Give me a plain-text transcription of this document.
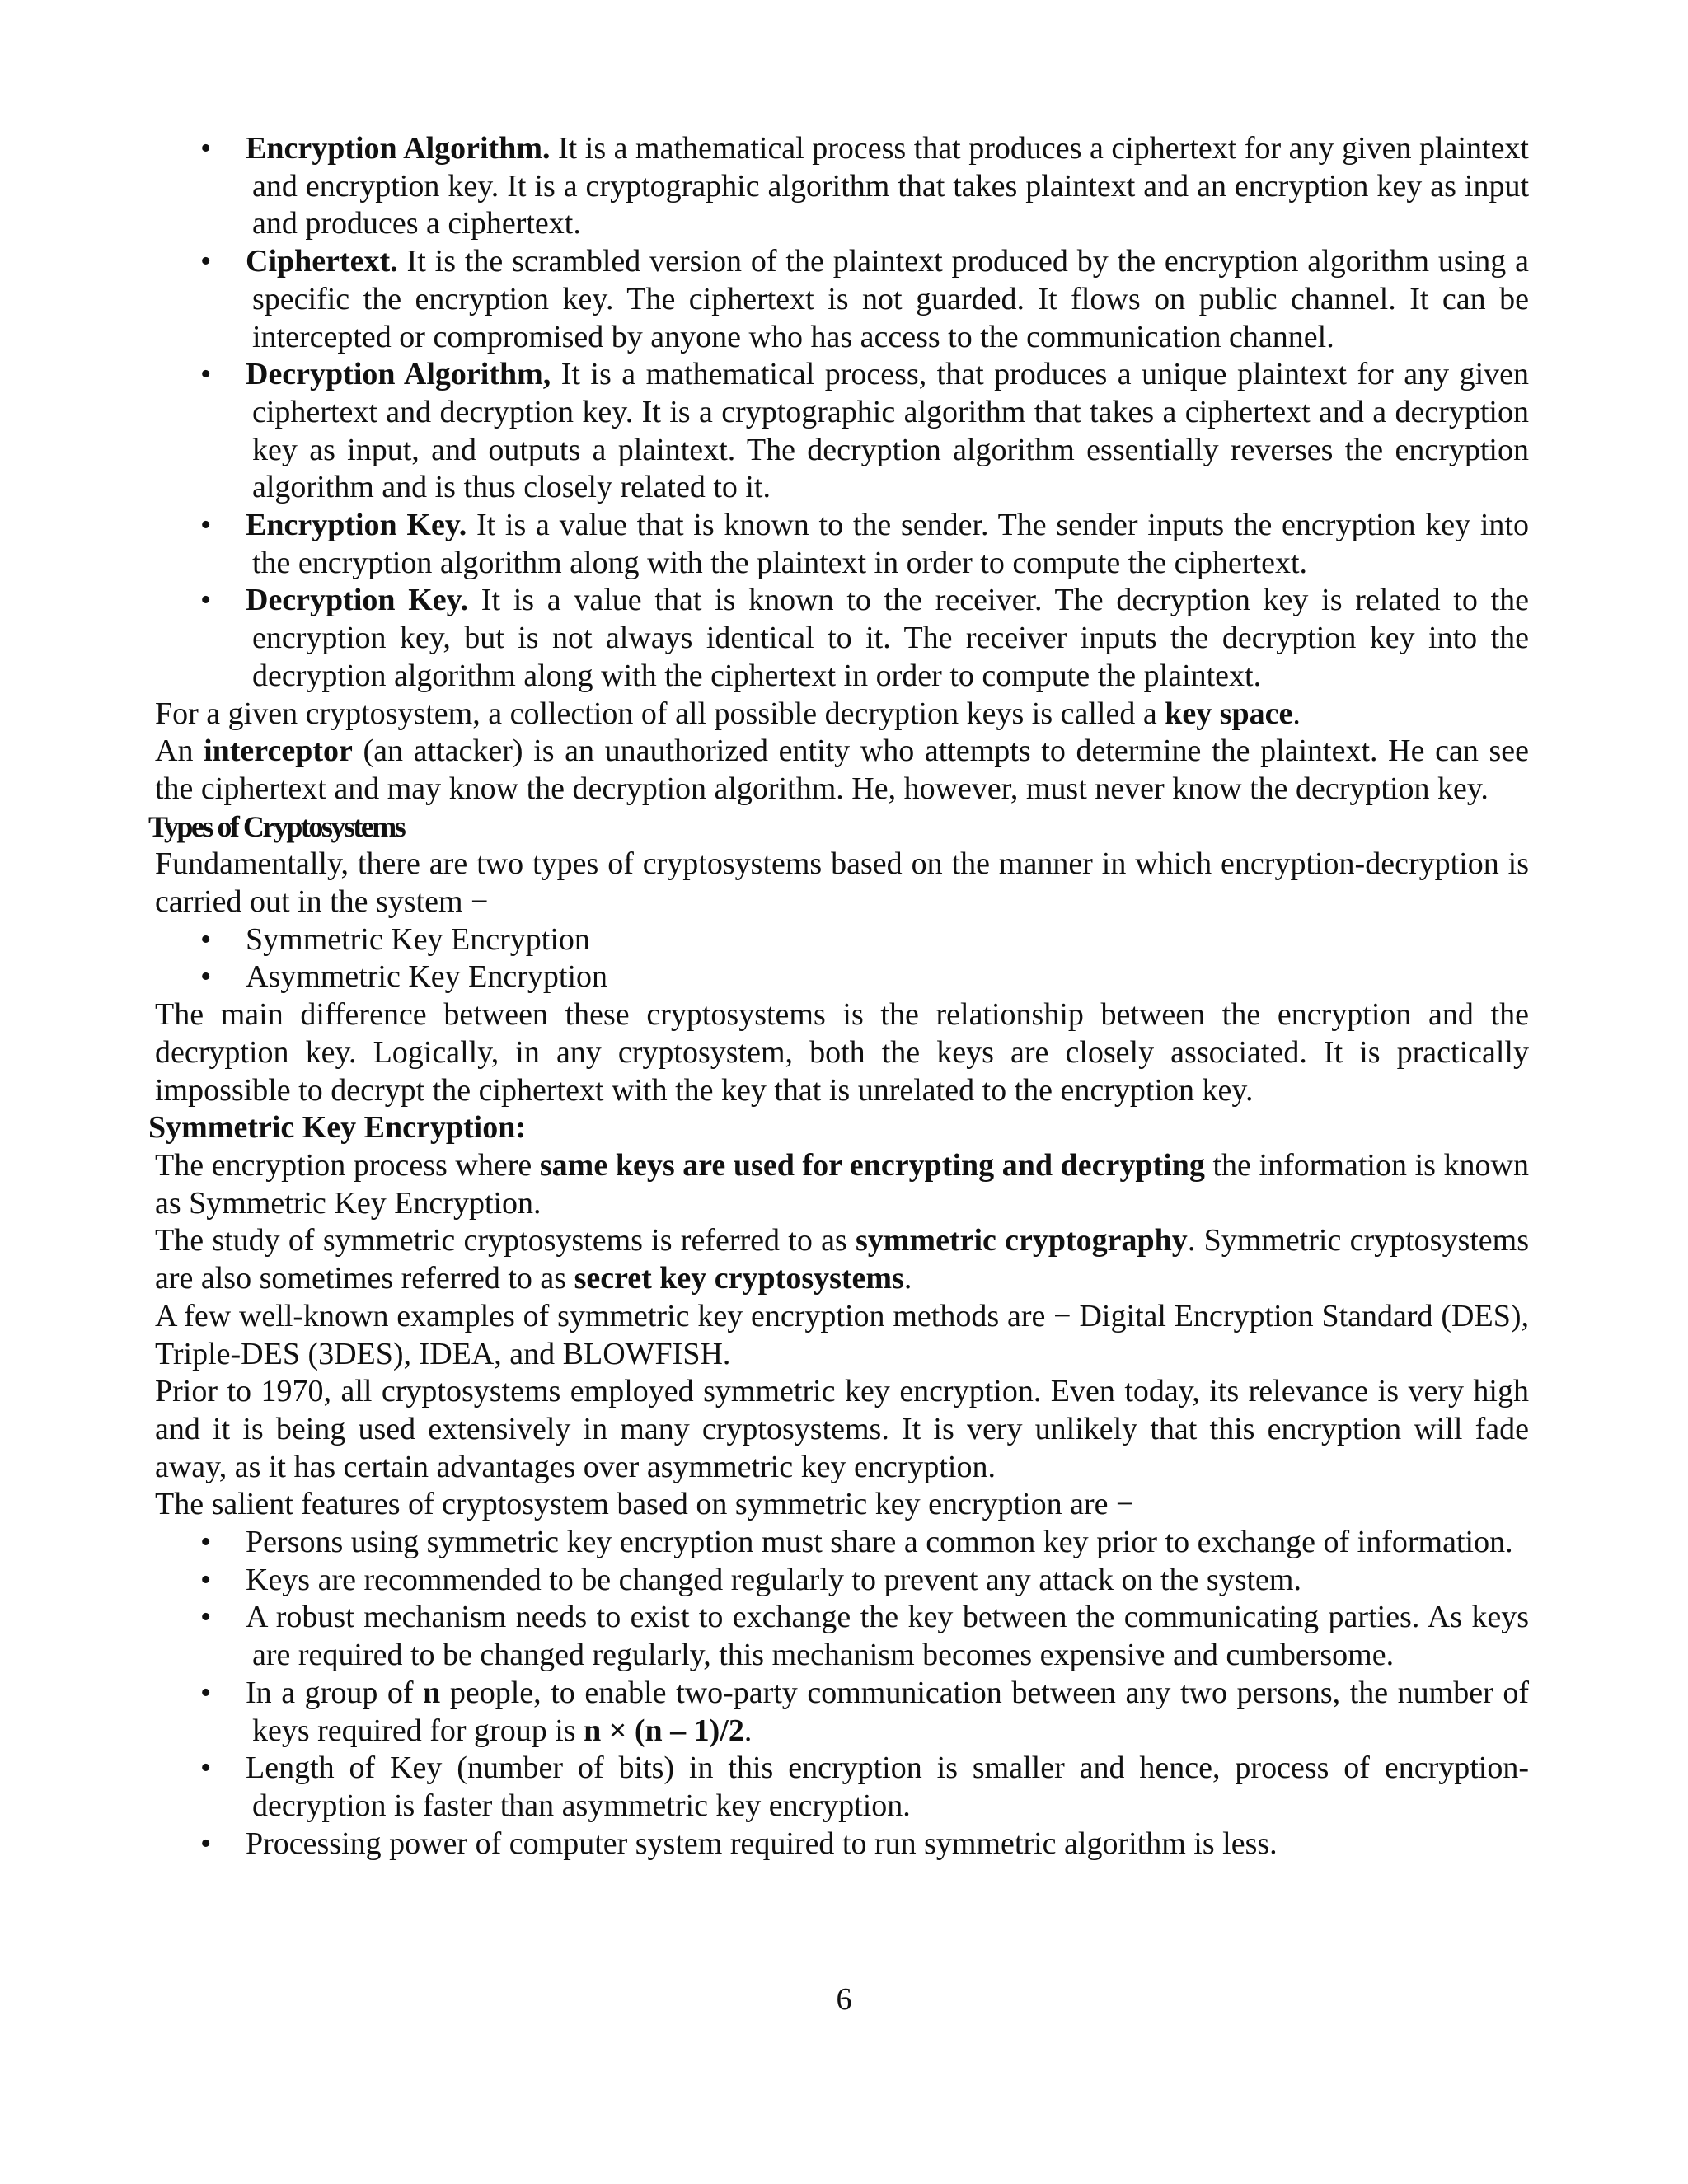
• Encryption Algorithm. It is a mathematical process that produces a ciphertext for any given plaintext and encryption key. It is a cryptographic algorithm that takes plaintext and an encryption key as input and produces a ciphertext.
• Ciphertext. It is the scrambled version of the plaintext produced by the encryption algorithm using a specific the encryption key. The ciphertext is not guarded. It flows on public channel. It can be intercepted or compromised by anyone who has access to the communication channel.
• Decryption Algorithm, It is a mathematical process, that produces a unique plaintext for any given ciphertext and decryption key. It is a cryptographic algorithm that takes a ciphertext and a decryption key as input, and outputs a plaintext. The decryption algorithm essentially reverses the encryption algorithm and is thus closely related to it.
• Encryption Key. It is a value that is known to the sender. The sender inputs the encryption key into the encryption algorithm along with the plaintext in order to compute the ciphertext.
• Decryption Key. It is a value that is known to the receiver. The decryption key is related to the encryption key, but is not always identical to it. The receiver inputs the decryption key into the decryption algorithm along with the ciphertext in order to compute the plaintext.

For a given cryptosystem, a collection of all possible decryption keys is called a key space.

An interceptor (an attacker) is an unauthorized entity who attempts to determine the plaintext. He can see the ciphertext and may know the decryption algorithm. He, however, must never know the decryption key.

Types of Cryptosystems

Fundamentally, there are two types of cryptosystems based on the manner in which encryption-decryption is carried out in the system −

• Symmetric Key Encryption
• Asymmetric Key Encryption

The main difference between these cryptosystems is the relationship between the encryption and the decryption key. Logically, in any cryptosystem, both the keys are closely associated. It is practically impossible to decrypt the ciphertext with the key that is unrelated to the encryption key.

Symmetric Key Encryption:

The encryption process where same keys are used for encrypting and decrypting the information is known as Symmetric Key Encryption.

The study of symmetric cryptosystems is referred to as symmetric cryptography. Symmetric cryptosystems are also sometimes referred to as secret key cryptosystems.

A few well-known examples of symmetric key encryption methods are − Digital Encryption Standard (DES), Triple-DES (3DES), IDEA, and BLOWFISH.

Prior to 1970, all cryptosystems employed symmetric key encryption. Even today, its relevance is very high and it is being used extensively in many cryptosystems. It is very unlikely that this encryption will fade away, as it has certain advantages over asymmetric key encryption.

The salient features of cryptosystem based on symmetric key encryption are −

• Persons using symmetric key encryption must share a common key prior to exchange of information.
• Keys are recommended to be changed regularly to prevent any attack on the system.
• A robust mechanism needs to exist to exchange the key between the communicating parties. As keys are required to be changed regularly, this mechanism becomes expensive and cumbersome.
• In a group of n people, to enable two-party communication between any two persons, the number of keys required for group is n × (n – 1)/2.
• Length of Key (number of bits) in this encryption is smaller and hence, process of encryption-decryption is faster than asymmetric key encryption.
• Processing power of computer system required to run symmetric algorithm is less.
6
